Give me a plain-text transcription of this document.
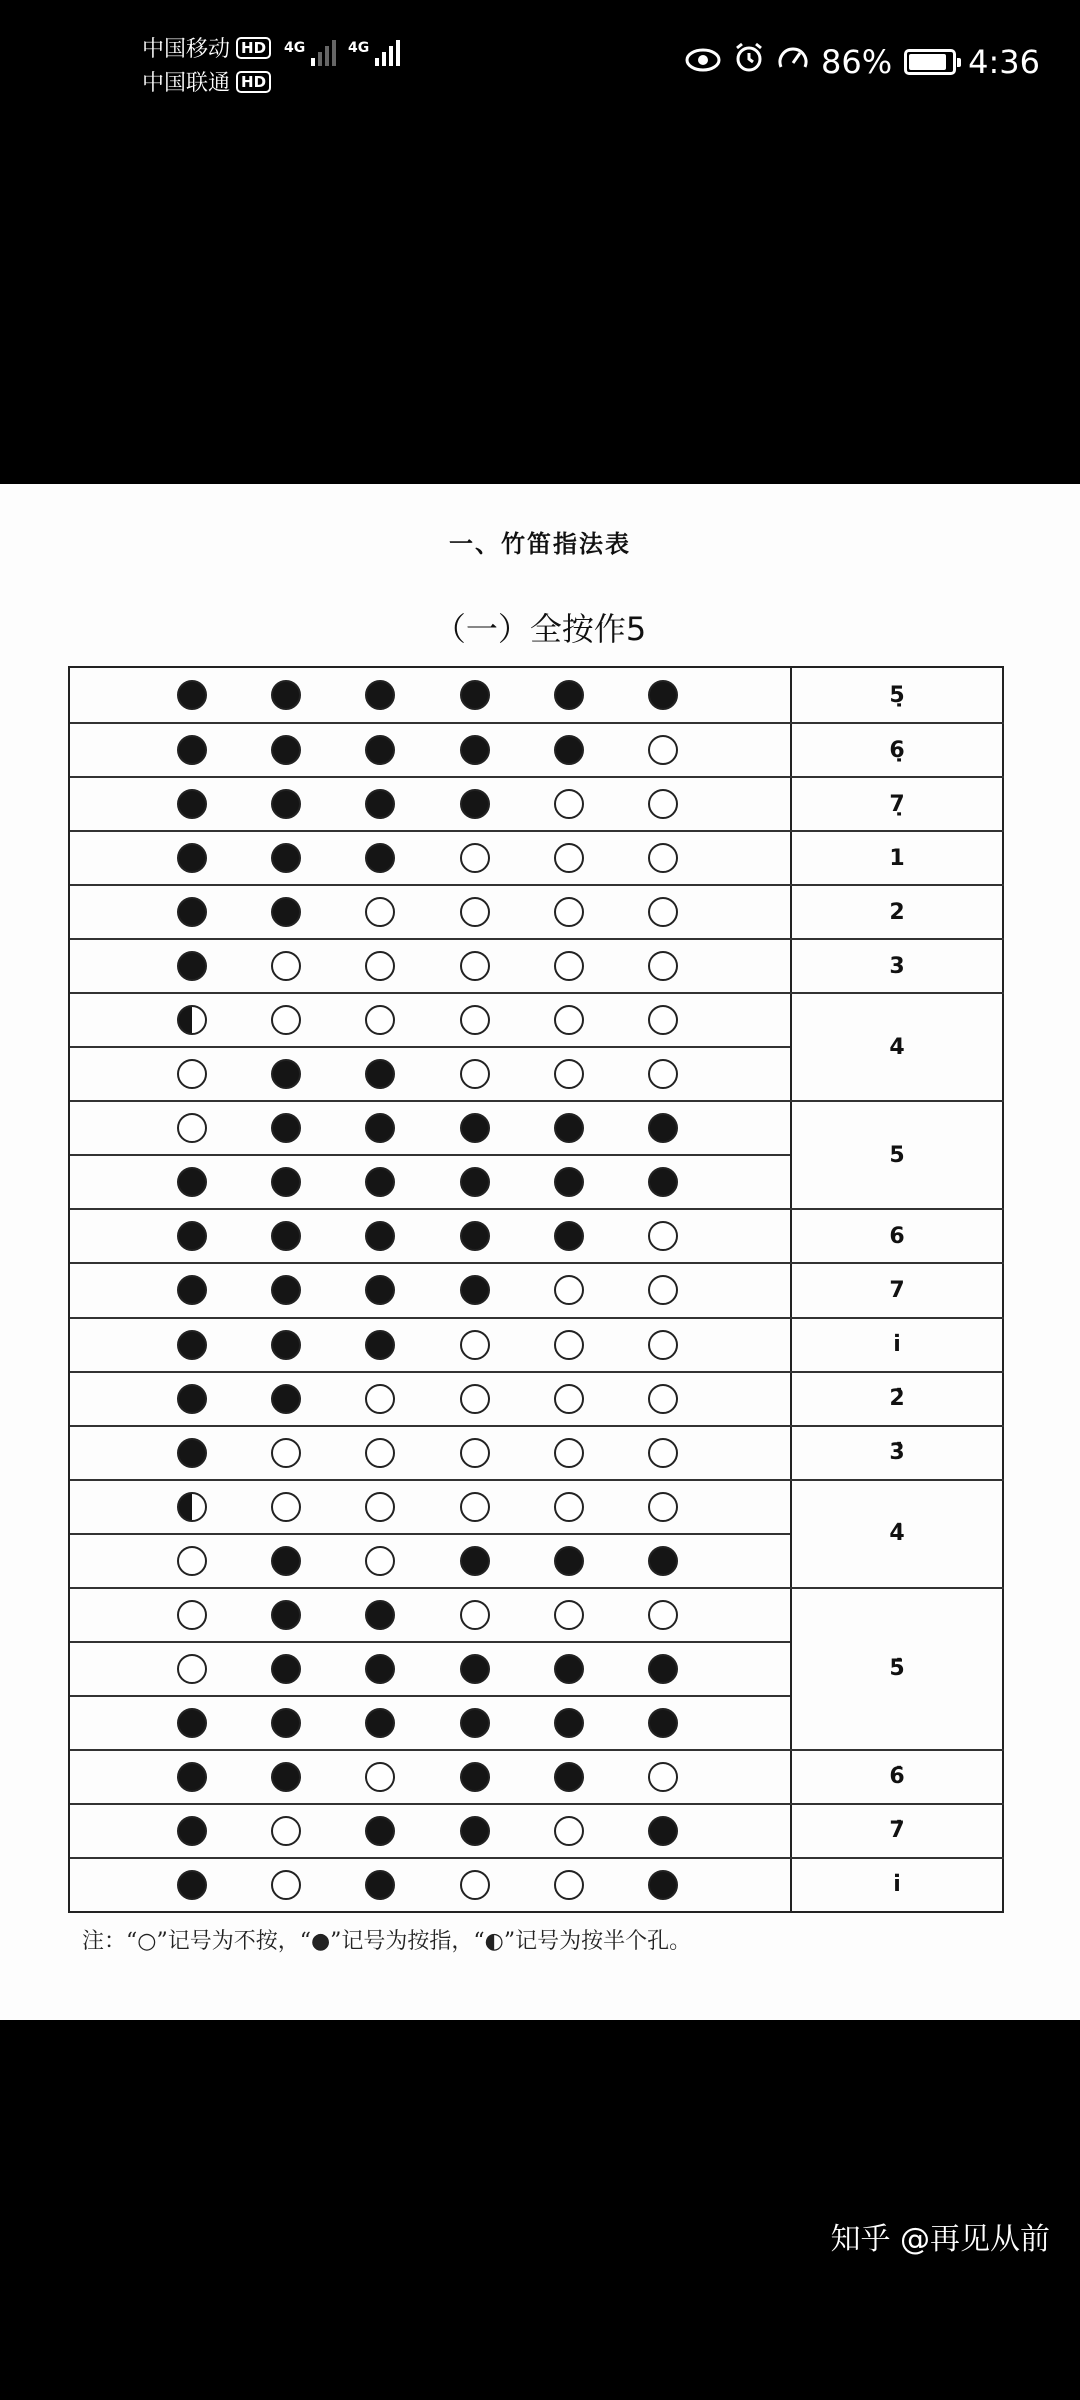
中国移动 HD
中国联通 HD
4G	4G	86% 4:36
一、竹笛指法表
（一）全按作5
5̣
6̣
7̣
1
2
3
4
5
6
7
i̇
2̇
3̇
4̇
5̇
6̇
7̇
i̇̇
注：“○”记号为不按，“●”记号为按指，“◐”记号为按半个孔。
知乎 @再见从前
